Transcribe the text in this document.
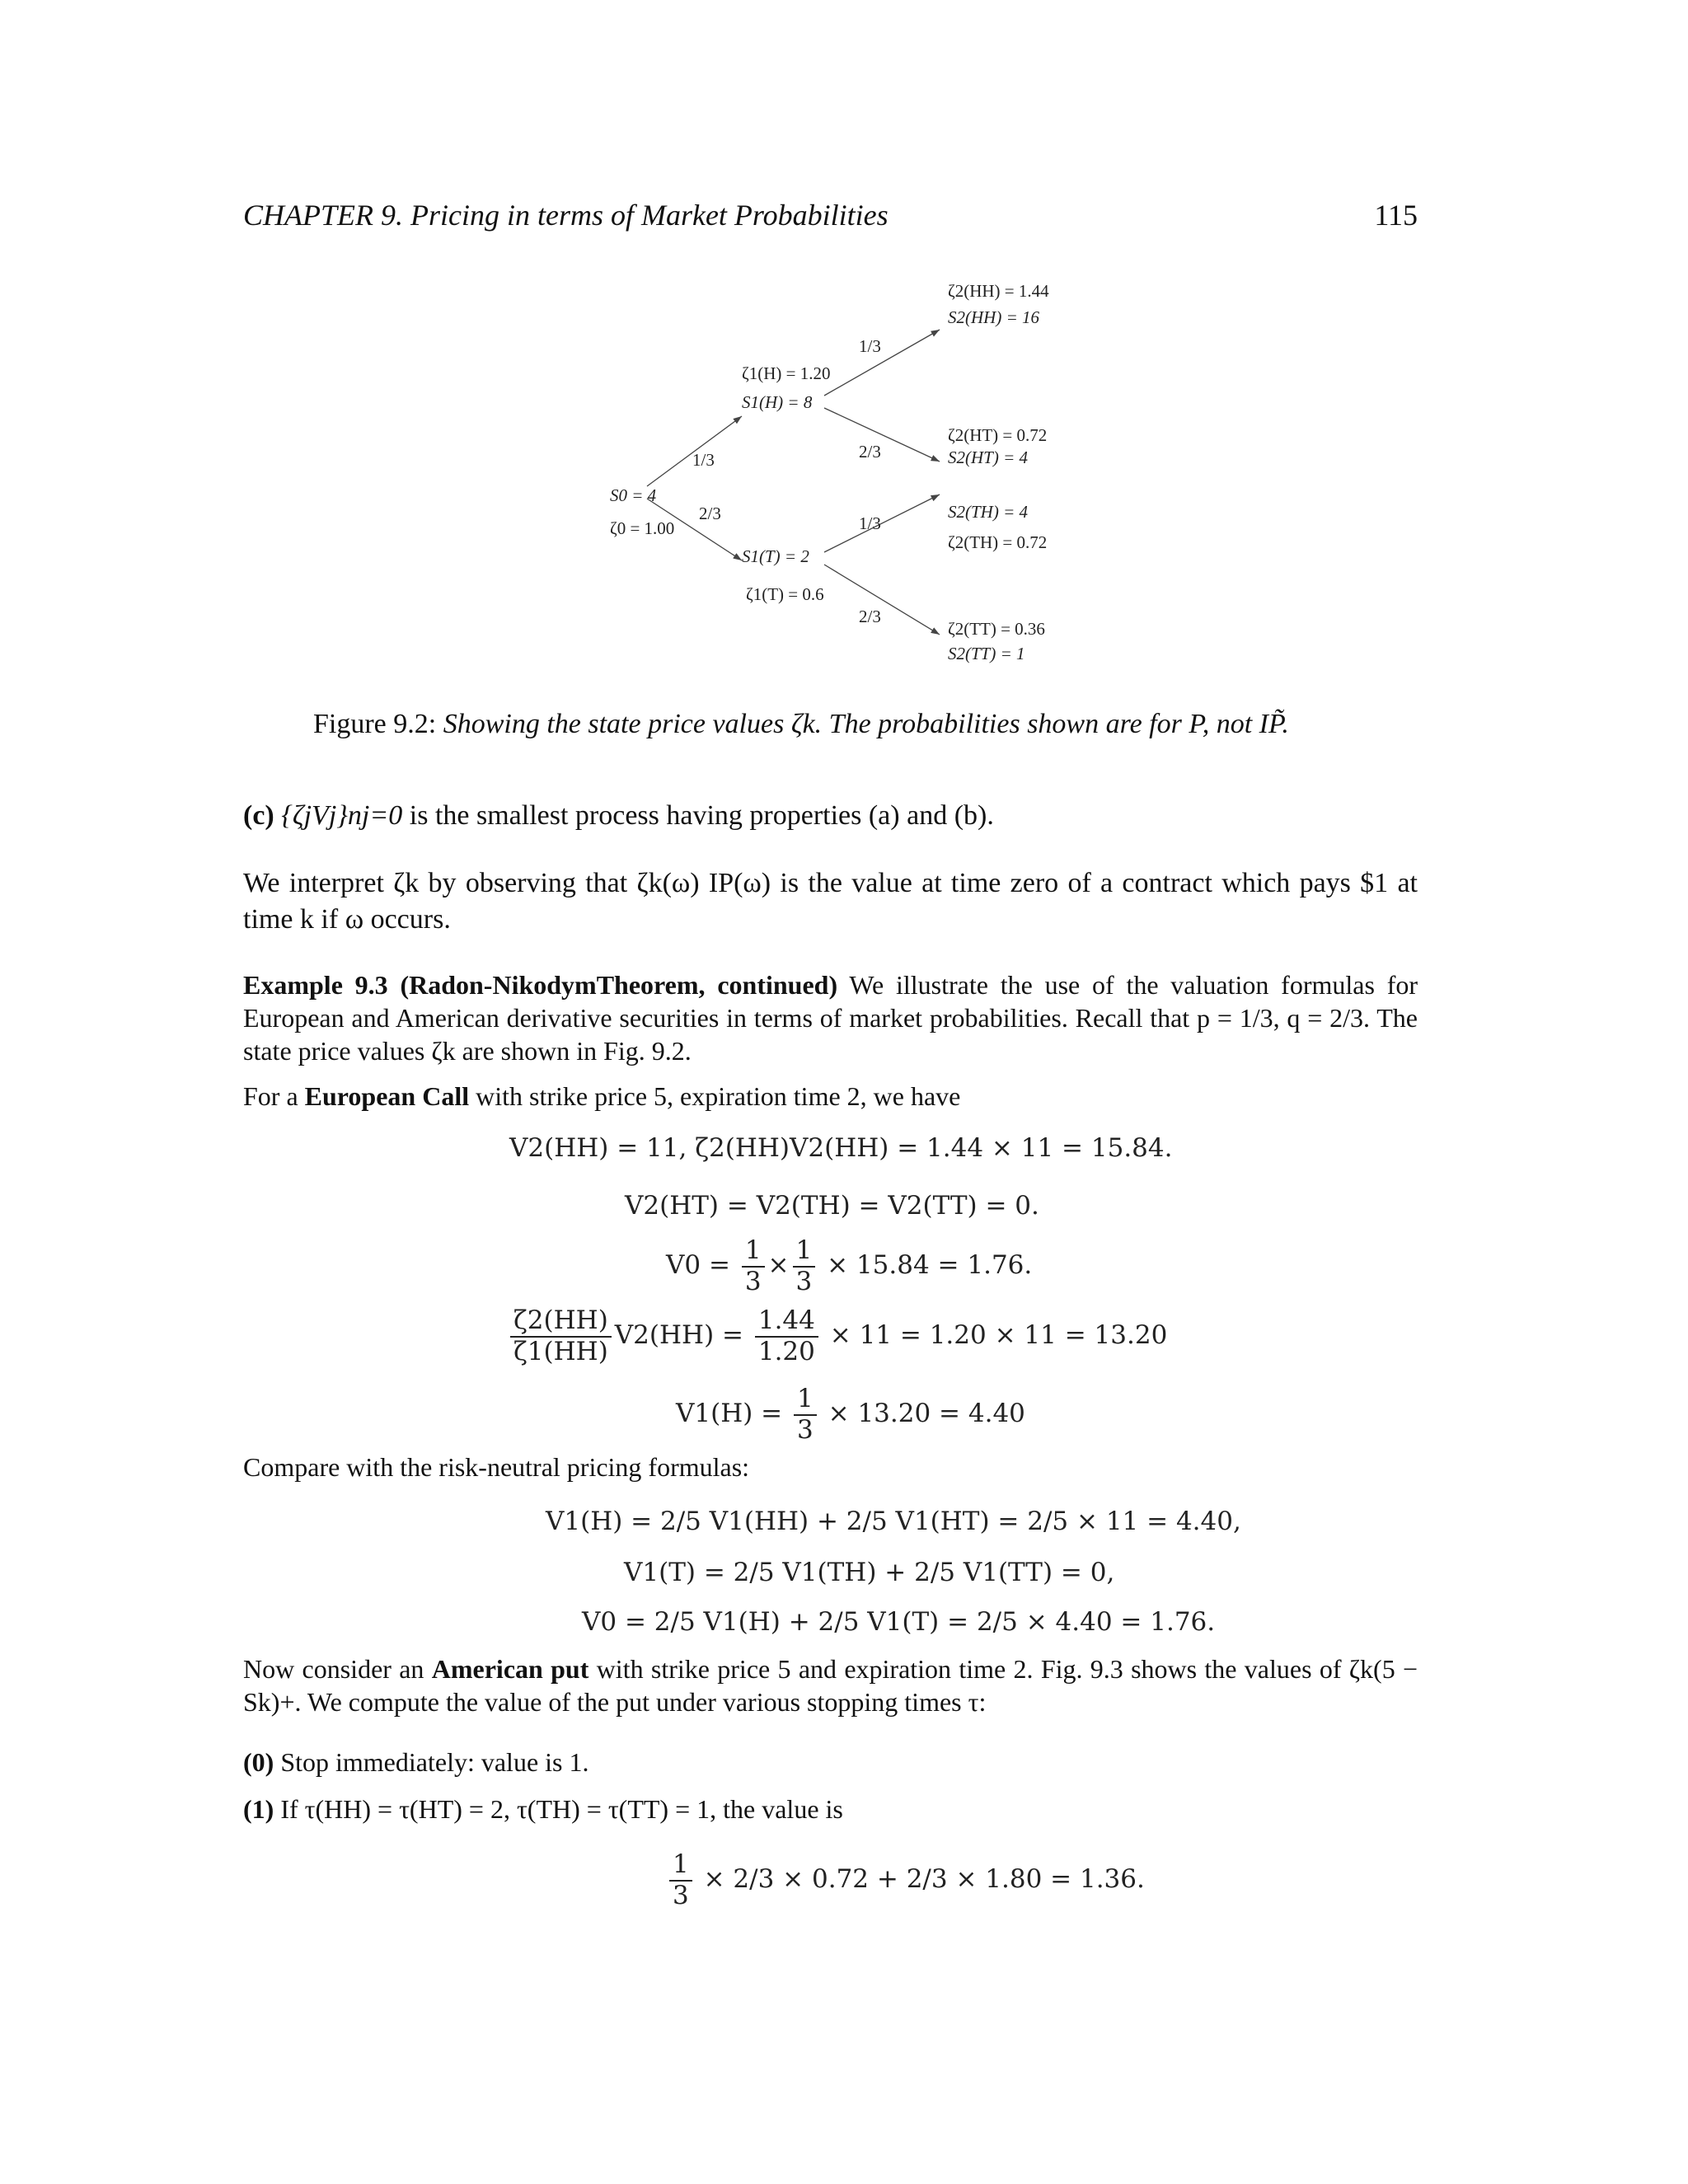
CHAPTER 9. Pricing in terms of Market Probabilities	115
S0 = 4
ζ0 = 1.00
1/3
2/3
ζ1(H) = 1.20
S1(H) = 8
S1(T) = 2
ζ1(T) = 0.6
1/3
2/3
1/3
2/3
ζ2(HH) = 1.44
S2(HH) = 16
ζ2(HT) = 0.72
S2(HT) = 4
S2(TH) = 4
ζ2(TH) = 0.72
ζ2(TT) = 0.36
S2(TT) = 1
Figure 9.2: Showing the state price values ζk. The probabilities shown are for P, not IP̃.
(c) {ζjVj}nj=0 is the smallest process having properties (a) and (b).
We interpret ζk by observing that ζk(ω) IP(ω) is the value at time zero of a contract which pays $1 at time k if ω occurs.
Example 9.3 (Radon-NikodymTheorem, continued) We illustrate the use of the valuation formulas for European and American derivative securities in terms of market probabilities. Recall that p = 1/3, q = 2/3. The state price values ζk are shown in Fig. 9.2.
For a European Call with strike price 5, expiration time 2, we have
V2(HH) = 11, ζ2(HH)V2(HH) = 1.44 × 11 = 15.84.
V2(HT) = V2(TH) = V2(TT) = 0.
$V0 = \frac{1}{3} \times \frac{1}{3} \times 15.84 = 1.76$.
$\frac{\zeta 2(HH)}{\zeta 1(HH)} V2(HH) = \frac{1.44}{1.20} \times 11 = 1.20 \times 11 = 13.20$
$V1(H) = \frac{1}{3} \times 13.20 = 4.40$
Compare with the risk-neutral pricing formulas:
V1(H) = 2/5 V1(HH) + 2/5 V1(HT) = 2/5 × 11 = 4.40,
V1(T) = 2/5 V1(TH) + 2/5 V1(TT) = 0,
V0 = 2/5 V1(H) + 2/5 V1(T) = 2/5 × 4.40 = 1.76.
Now consider an American put with strike price 5 and expiration time 2. Fig. 9.3 shows the values of ζk(5 − Sk)+. We compute the value of the put under various stopping times τ:
(0) Stop immediately: value is 1.
(1) If τ(HH) = τ(HT) = 2, τ(TH) = τ(TT) = 1, the value is
$\frac{1}{3} \times 2/3 \times 0.72 + 2/3 \times 1.80 = 1.36$.
